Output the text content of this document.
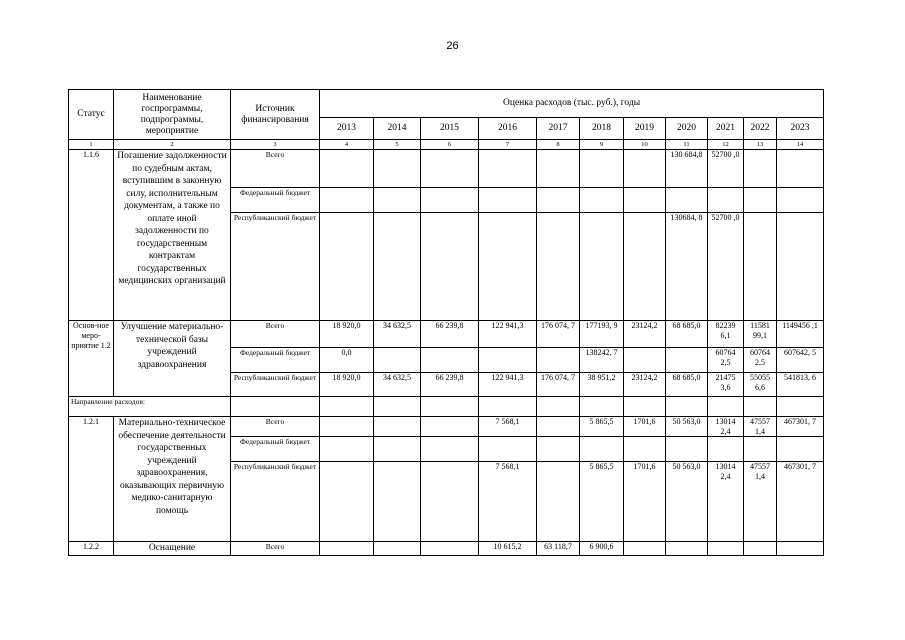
26
Статус	Наименование госпрограммы, подпрограммы, мероприятие	Источник финансирования	Оценка расходов (тыс. руб.), годы										
			2013	2014	2015	2016	2017	2018	2019	2020	2021	2022	2023
1	2	3	4	5	6	7	8	9	10	11	12	13	14
1.1.6	Погашение задолженности по судебным актам, вступившим в законную силу, исполнительным документам, а также по оплате иной задолженности по государственным контрактам государственных медицинских организаций	Всего								130 684,8	52700 ,0		
		Федеральный бюджет											
		Республиканский бюджет								130684, 8	52700 ,0		
Основ-ное меро-приятие 1.2	Улучшение материально-технической базы учреждений здравоохранения	Всего	18 920,0	34 632,5	66 239,8	122 941,3	176 074, 7	177193, 9	23124,2	68 685,0	82239 6,1	11581 99,1	1149456 ,1
		Федеральный бюджет	0,0					138242, 7			60764 2,5	60764 2,5	607642, 5
		Республиканский бюджет	18 920,0	34 632,5	66 239,8	122 941,3	176 074, 7	38 951,2	23124,2	68 685,0	21475 3,6	55055 6,6	541813, 6
Направление расходов:													
1.2.1	Материально-техническое обеспечение деятельности государственных учреждений здравоохранения, оказывающих первичную медико-санитарную помощь	Всего				7 568,1		5 865,5	1701,6	50 563,0	13014 2,4	47557 1,4	467301, 7
		Федеральный бюджет											
		Республиканский бюджет				7 568,1		5 865,5	1701,6	50 563,0	13014 2,4	47557 1,4	467301, 7
1.2.2	Оснащение	Всего				10 615,2	63 118,7	6 900,6					
